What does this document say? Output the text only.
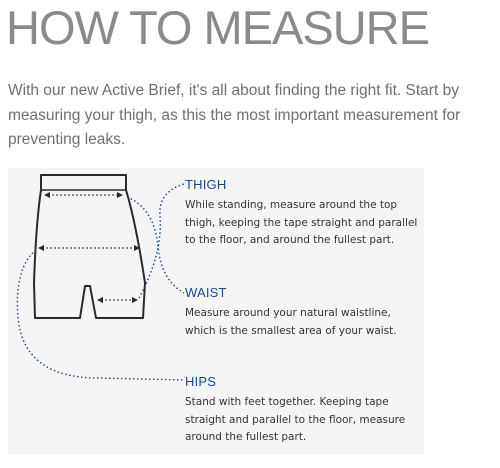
HOW TO MEASURE

With our new Active Brief, it's all about finding the right fit. Start by measuring your thigh, as this the most important measurement for preventing leaks.

THIGH
While standing, measure around the top
thigh, keeping the tape straight and parallel
to the floor, and around the fullest part.
WAIST
Measure around your natural waistline,
which is the smallest area of your waist.
HIPS
Stand with feet together. Keeping tape
straight and parallel to the floor, measure
around the fullest part.
